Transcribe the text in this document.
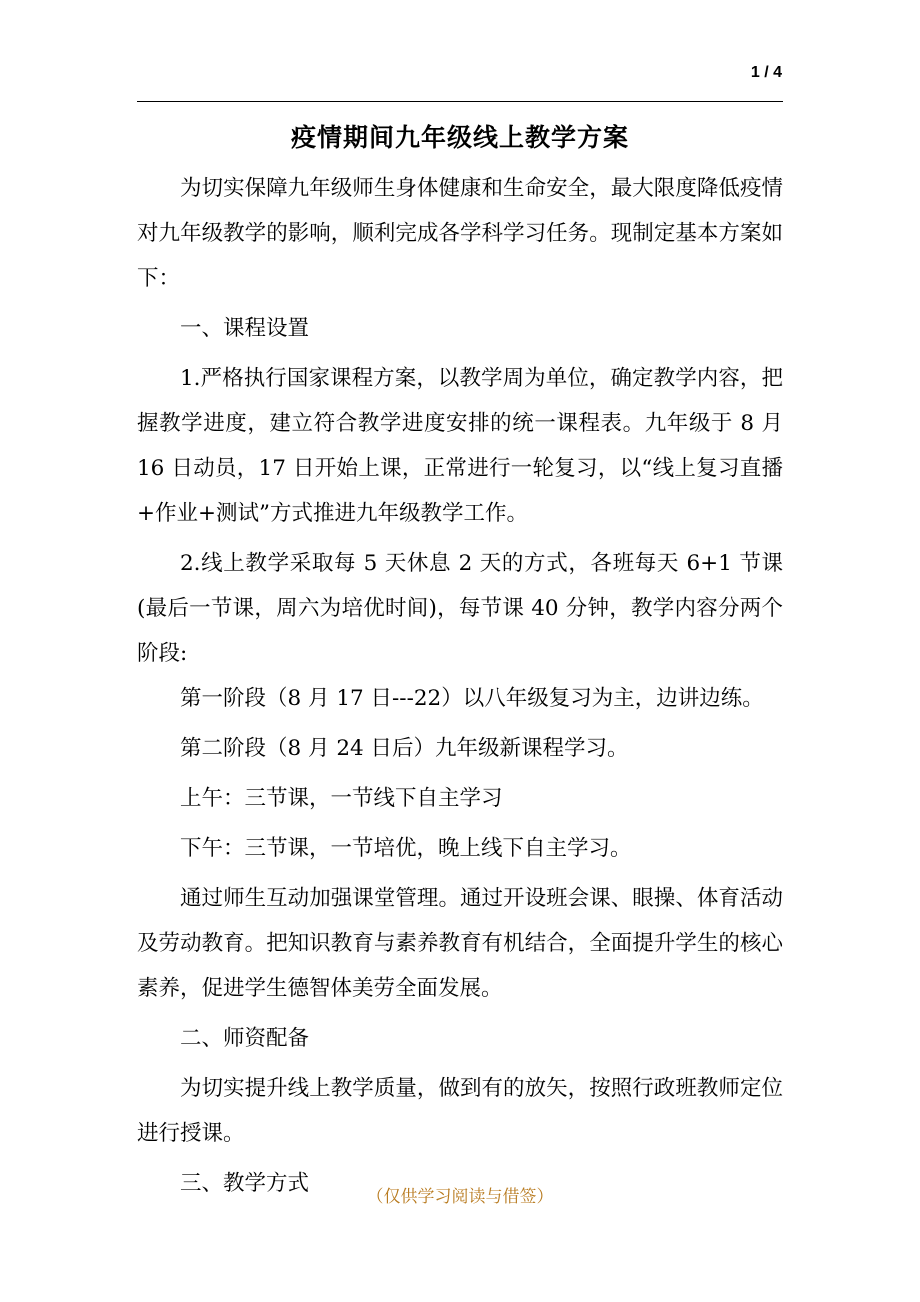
1 / 4
疫情期间九年级线上教学方案

为切实保障九年级师生身体健康和生命安全，最大限度降低疫情对九年级教学的影响，顺利完成各学科学习任务。现制定基本方案如下：

一、课程设置

1.严格执行国家课程方案，以教学周为单位，确定教学内容，把握教学进度，建立符合教学进度安排的统一课程表。九年级于 8 月 16 日动员，17 日开始上课，正常进行一轮复习，以“线上复习直播+作业+测试”方式推进九年级教学工作。

2.线上教学采取每 5 天休息 2 天的方式，各班每天 6+1 节课(最后一节课，周六为培优时间)，每节课 40 分钟，教学内容分两个阶段:

第一阶段（8 月 17 日---22）以八年级复习为主，边讲边练。

第二阶段（8 月 24 日后）九年级新课程学习。

上午：三节课，一节线下自主学习

下午：三节课，一节培优，晚上线下自主学习。

通过师生互动加强课堂管理。通过开设班会课、眼操、体育活动及劳动教育。把知识教育与素养教育有机结合，全面提升学生的核心素养，促进学生德智体美劳全面发展。

二、师资配备

为切实提升线上教学质量，做到有的放矢，按照行政班教师定位进行授课。

三、教学方式

（仅供学习阅读与借签）
